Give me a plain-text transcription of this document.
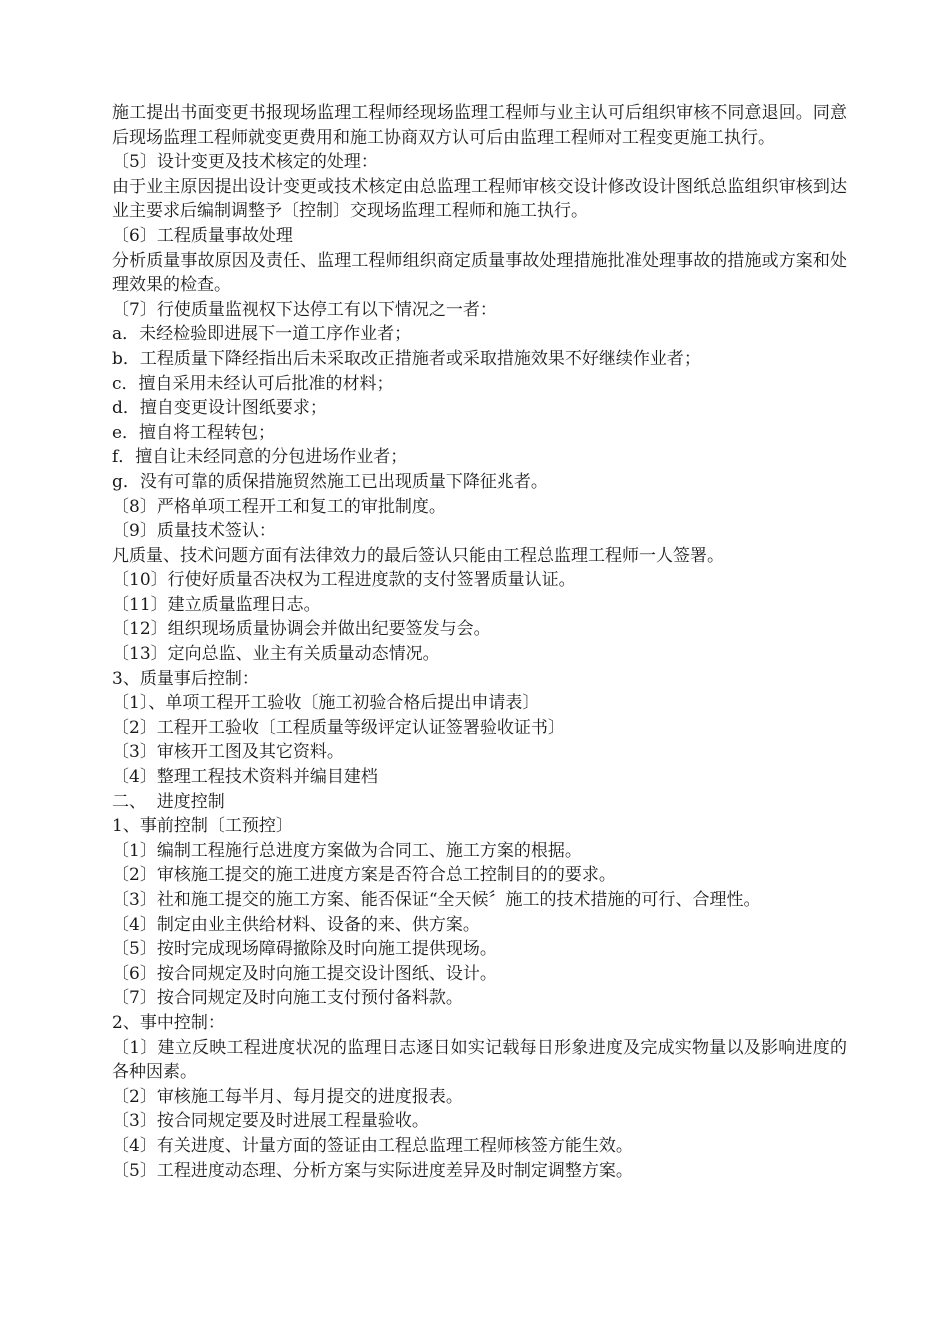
施工提出书面变更书报现场监理工程师经现场监理工程师与业主认可后组织审核不同意退回。同意后现场监理工程师就变更费用和施工协商双方认可后由监理工程师对工程变更施工执行。

〔5〕设计变更及技术核定的处理：

由于业主原因提出设计变更或技术核定由总监理工程师审核交设计修改设计图纸总监组织审核到达业主要求后编制调整予〔控制〕交现场监理工程师和施工执行。

〔6〕工程质量事故处理

分析质量事故原因及责任、监理工程师组织商定质量事故处理措施批准处理事故的措施或方案和处理效果的检查。

〔7〕行使质量监视权下达停工有以下情况之一者：

a．未经检验即进展下一道工序作业者；

b．工程质量下降经指出后未采取改正措施者或采取措施效果不好继续作业者；

c．擅自采用未经认可后批准的材料；

d．擅自变更设计图纸要求；

e．擅自将工程转包；

f．擅自让未经同意的分包进场作业者；

g．没有可靠的质保措施贸然施工已出现质量下降征兆者。

〔8〕严格单项工程开工和复工的审批制度。

〔9〕质量技术签认：

凡质量、技术问题方面有法律效力的最后签认只能由工程总监理工程师一人签署。

〔10〕行使好质量否决权为工程进度款的支付签署质量认证。

〔11〕建立质量监理日志。

〔12〕组织现场质量协调会并做出纪要签发与会。

〔13〕定向总监、业主有关质量动态情况。

3、质量事后控制：

〔1〕、单项工程开工验收〔施工初验合格后提出申请表〕

〔2〕工程开工验收〔工程质量等级评定认证签署验收证书〕

〔3〕审核开工图及其它资料。

〔4〕整理工程技术资料并编目建档

二、  进度控制

1、事前控制〔工预控〕

〔1〕编制工程施行总进度方案做为合同工、施工方案的根据。

〔2〕审核施工提交的施工进度方案是否符合总工控制目的的要求。

〔3〕社和施工提交的施工方案、能否保证“全天候〞施工的技术措施的可行、合理性。

〔4〕制定由业主供给材料、设备的来、供方案。

〔5〕按时完成现场障碍撤除及时向施工提供现场。

〔6〕按合同规定及时向施工提交设计图纸、设计。

〔7〕按合同规定及时向施工支付预付备料款。

2、事中控制：

〔1〕建立反映工程进度状况的监理日志逐日如实记载每日形象进度及完成实物量以及影响进度的各种因素。

〔2〕审核施工每半月、每月提交的进度报表。

〔3〕按合同规定要及时进展工程量验收。

〔4〕有关进度、计量方面的签证由工程总监理工程师核签方能生效。

〔5〕工程进度动态理、分析方案与实际进度差异及时制定调整方案。
